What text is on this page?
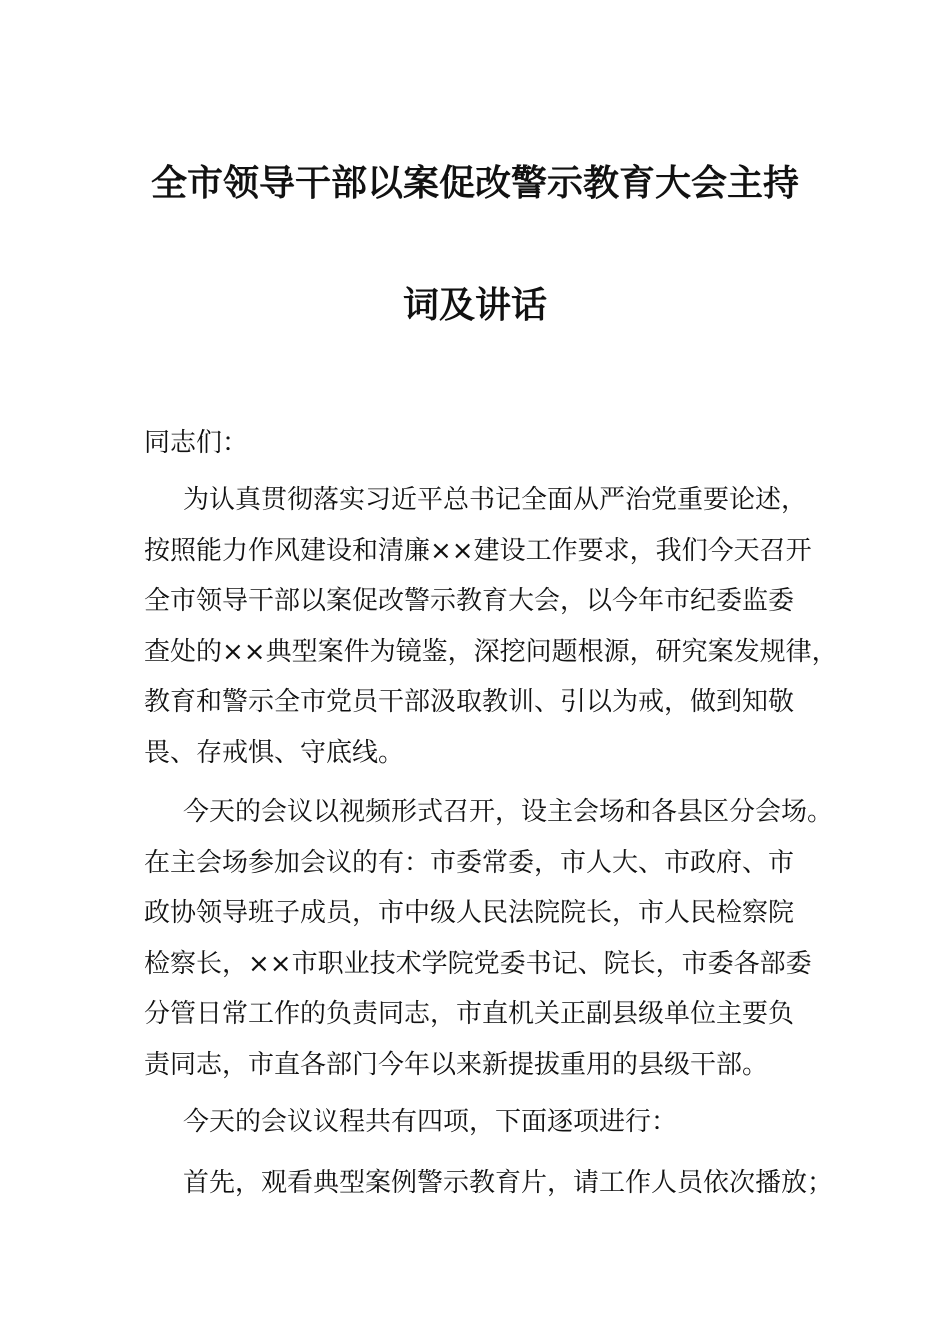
全市领导干部以案促改警示教育大会主持
词及讲话
同志们：
为认真贯彻落实习近平总书记全面从严治党重要论述，
按照能力作风建设和清廉××建设工作要求，我们今天召开
全市领导干部以案促改警示教育大会，以今年市纪委监委
查处的××典型案件为镜鉴，深挖问题根源，研究案发规律，
教育和警示全市党员干部汲取教训、引以为戒，做到知敬
畏、存戒惧、守底线。
今天的会议以视频形式召开，设主会场和各县区分会场。
在主会场参加会议的有：市委常委，市人大、市政府、市
政协领导班子成员，市中级人民法院院长，市人民检察院
检察长，××市职业技术学院党委书记、院长，市委各部委
分管日常工作的负责同志，市直机关正副县级单位主要负
责同志，市直各部门今年以来新提拔重用的县级干部。
今天的会议议程共有四项，下面逐项进行：
首先，观看典型案例警示教育片，请工作人员依次播放；
